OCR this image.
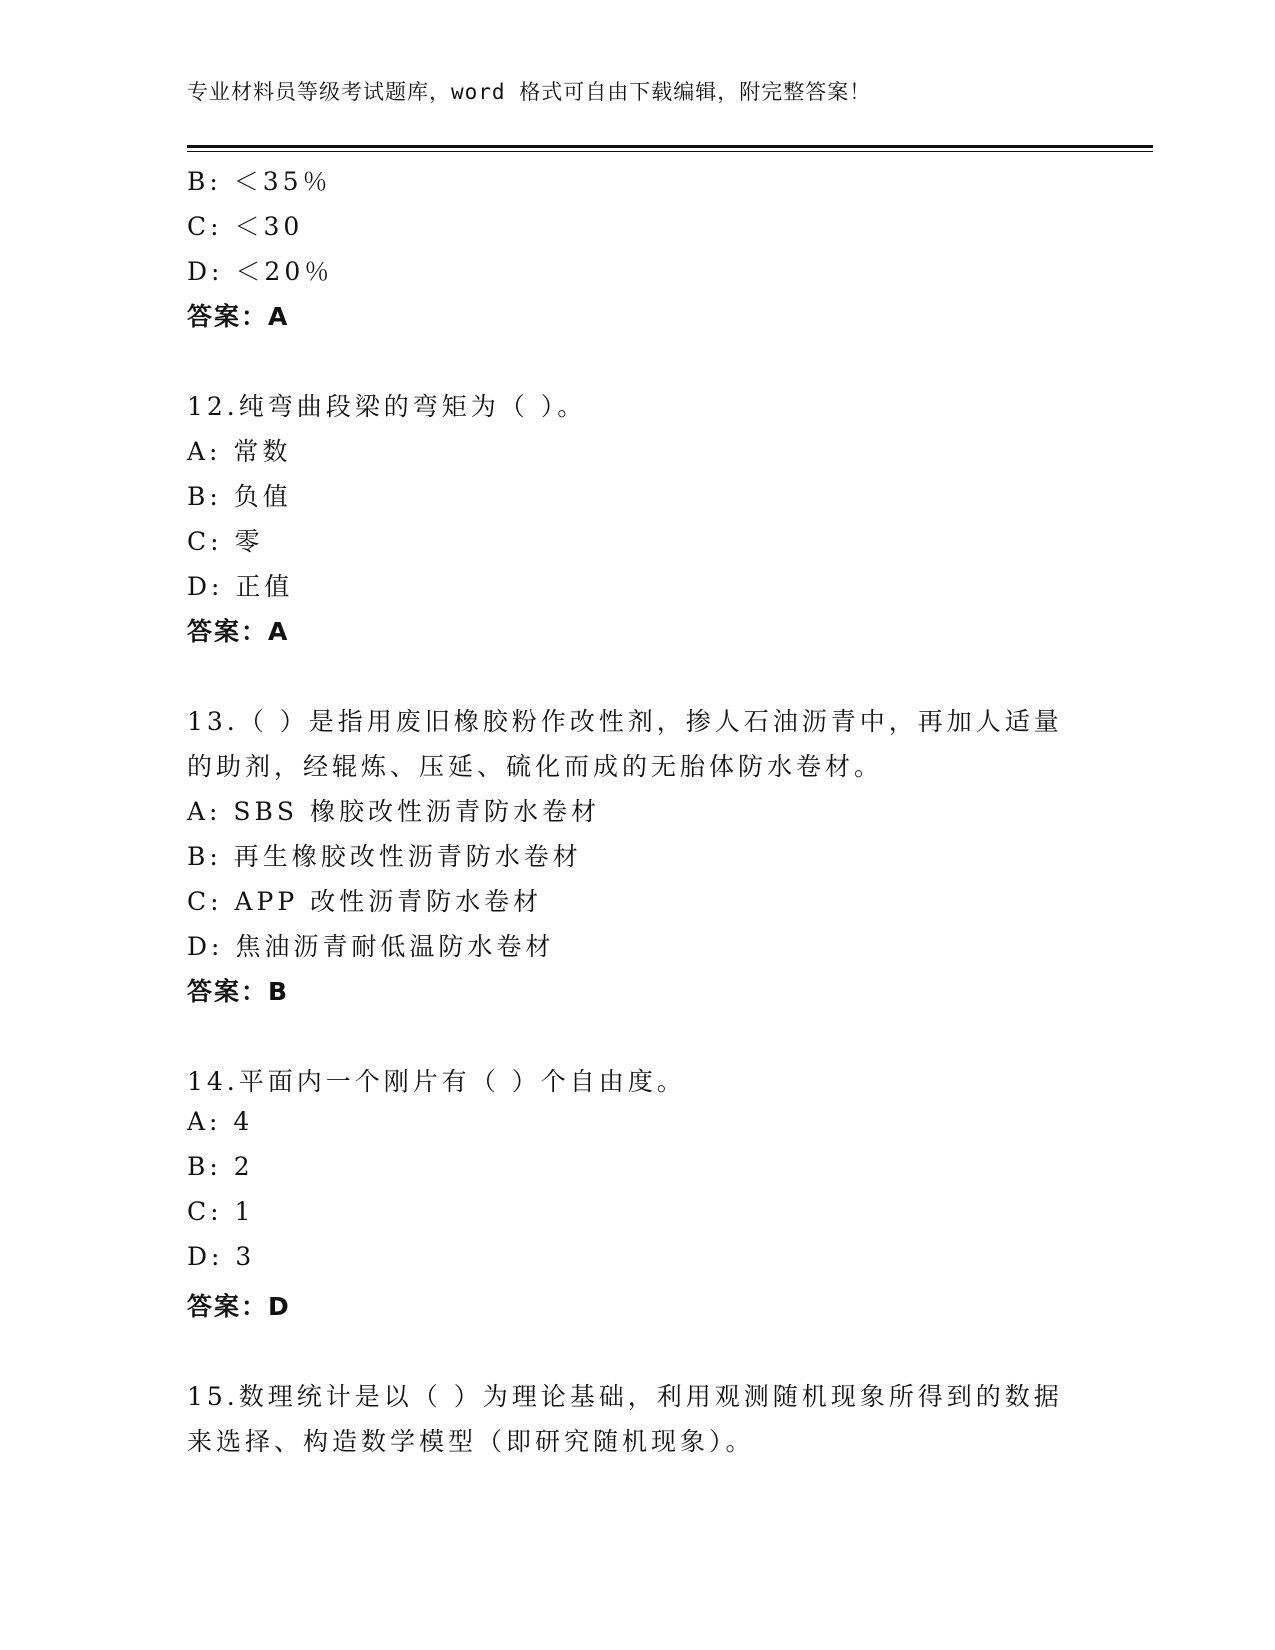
专业材料员等级考试题库，word 格式可自由下载编辑，附完整答案！
B: ＜35％
C: ＜30
D: ＜20％
答案：A
12.纯弯曲段梁的弯矩为（ ）。
A: 常数
B: 负值
C: 零
D: 正值
答案：A
13.（ ）是指用废旧橡胶粉作改性剂，掺人石油沥青中，再加人适量
的助剂，经辊炼、压延、硫化而成的无胎体防水卷材。
A: SBS 橡胶改性沥青防水卷材
B: 再生橡胶改性沥青防水卷材
C: APP 改性沥青防水卷材
D: 焦油沥青耐低温防水卷材
答案：B
14.平面内一个刚片有（ ）个自由度。
A: 4
B: 2
C: 1
D: 3
答案：D
15.数理统计是以（ ）为理论基础，利用观测随机现象所得到的数据
来选择、构造数学模型（即研究随机现象）。
